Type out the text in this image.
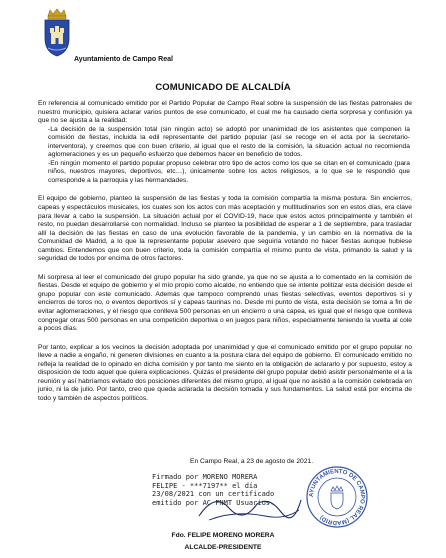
Ayuntamiento de Campo Real
COMUNICADO DE ALCALDÍA

En referencia al comunicado emitido por el Partido Popular de Campo Real sobre la suspensión de las fiestas patronales de nuestro municipio, quisiera aclarar varios puntos de ese comunicado, el cual me ha causado cierta sorpresa y confusión ya que no se ajusta a la realidad:

-La decisión de la suspensión total (sin ningún acto) se adoptó por unanimidad de los asistentes que componen la comisión de fiestas, incluida la edil representante del partido popular (así se recoge en el acta por la secretario-interventora), y creemos que con buen criterio, al igual que el resto de la comisión, la situación actual no recomienda aglomeraciones y es un pequeño esfuerzo que debemos hacer en beneficio de todos.

-En ningún momento el partido popular propuso celebrar otro tipo de actos como los que se citan en el comunicado (para niños, nuestros mayores, deportivos, etc…), únicamente sobre los actos religiosos, a lo que se le respondió que corresponde a la parroquia y las hermandades.

El equipo de gobierno, planteo la suspensión de las fiestas y toda la comisión compartía la misma postura. Sin encierros, capeas y espectáculos musicales, los cuales son los actos con más aceptación y multitudinarios son en estos días, era clave para llevar a cabo la suspensión. La situación actual por el COVID-19, hace que estos actos principalmente y también el resto, no puedan desarrollarse con normalidad. Incluso se planteo la posibilidad de esperar a 1 de septiembre, para trasladar allí la decisión de las fiestas en caso de una evolución favorable de la pandemia, y un cambio en la normativa de la Comunidad de Madrid, a lo que la representante popular asevero que seguiría votando no hacer fiestas aunque hubiese cambios. Entendemos que con buen criterio, toda la comisión compartía el mismo punto de vista, primando la salud y la seguridad de todos por encima de otros factores.

Mi sorpresa al leer el comunicado del grupo popular ha sido grande, ya que no se ajusta a lo comentado en la comisión de fiestas. Desde el equipo de gobierno y el mío propio como alcalde, no entiendo que se intente politizar esta decisión desde el grupo popular con este comunicado. Además que tampoco comprendo unas fiestas selectivas, eventos deportivos sí y encierros de toros no, o eventos deportivos sí y capeas taurinas no. Desde mi punto de vista, esta decisión se toma a fin de evitar aglomeraciones, y el riesgo que conlleva 500 personas en un encierro o una capea, es igual que el riesgo que conlleva congregar otras 500 personas en una competición deportiva o en juegos para niños, especialmente teniendo la vuelta al cole a pocos días.

Por tanto, explicar a los vecinos la decisión adoptada por unanimidad y que el comunicado emitido por el grupo popular no lleve a nadie a engaño, ni generen divisiones en cuanto a la postura clara del equipo de gobierno. El comunicado emitido no refleja la realidad de lo opinado en dicha comisión y por tanto me siento en la obligación de aclararlo y por supuesto, estoy a disposición de todo aquel que quiera explicaciones. Quizás el presidente del grupo popular debió asistir personalmente el a la reunión y así habríamos evitado dos posiciones diferentes del mismo grupo, al igual que no asistió a la comisión celebrada en junio, ni la de julio. Por tanto, creo que queda aclarada la decisión tomada y sus fundamentos. La salud está por encima de todo y también de aspectos políticos.

En Campo Real, a 23 de agosto de 2021.
Firmado por MORENO MORERA
FELIPE - ***7197** el día
23/08/2021 con un certificado
emitido por AC FNMT Usuarios
AYUNTAMIENTO DE CAMPO REAL (MADRID)
Fdo. FELIPE MORENO MORERA
ALCALDE-PRESIDENTE
